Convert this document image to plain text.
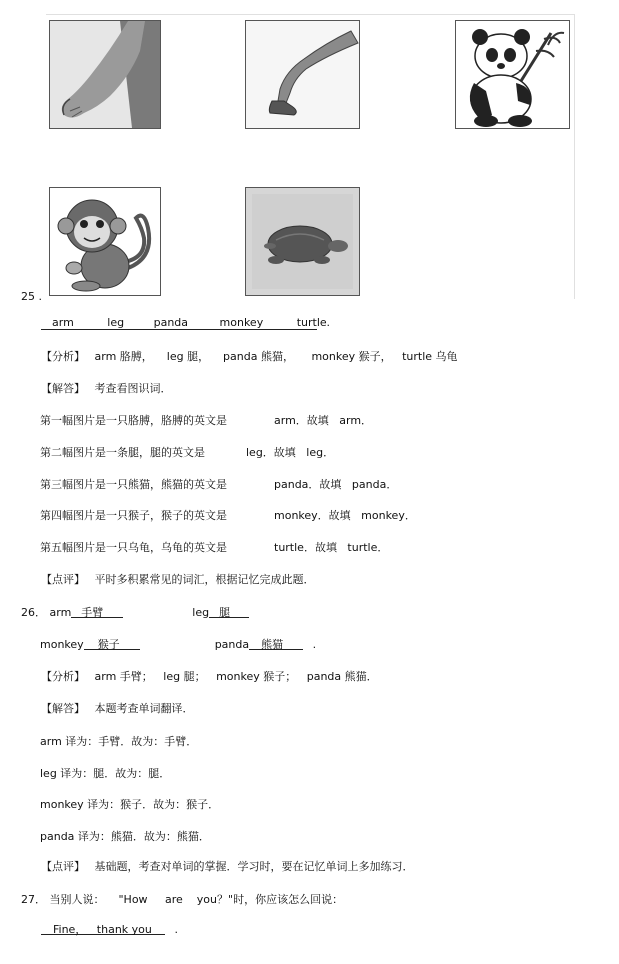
25 .
arm	leg	panda	monkey	turtle .
【分析】 arm 胳膊，    leg 腿，    panda 熊猫，     monkey 猴子，   turtle 乌龟
【解答】 考查看图识词．
第一幅图片是一只胳膊，胳膊的英文是	arm．故填   arm．
第二幅图片是一条腿，腿的英文是	leg．故填   leg．
第三幅图片是一只熊猫，熊猫的英文是	panda．故填   panda．
第四幅图片是一只猴子，猴子的英文是	monkey．故填   monkey．
第五幅图片是一只乌龟，乌龟的英文是	turtle．故填   turtle．
【点评】 平时多积累常见的词汇，根据记忆完成此题．
26． arm 手臂	leg 腿
monkey 猴子	panda 熊猫	.
【分析】 arm 手臂；   leg 腿；   monkey 猴子；   panda 熊猫．
【解答】 本题考查单词翻译．
arm 译为：手臂．故为：手臂．
leg 译为：腿．故为：腿．
monkey 译为：猴子．故为：猴子．
panda 译为：熊猫．故为：熊猫．
【点评】 基础题，考查对单词的掌握．学习时，要在记忆单词上多加练习．
27． 当别人说：    "How     are    you？"时，你应该怎么回说：
Fine，   thank you .
